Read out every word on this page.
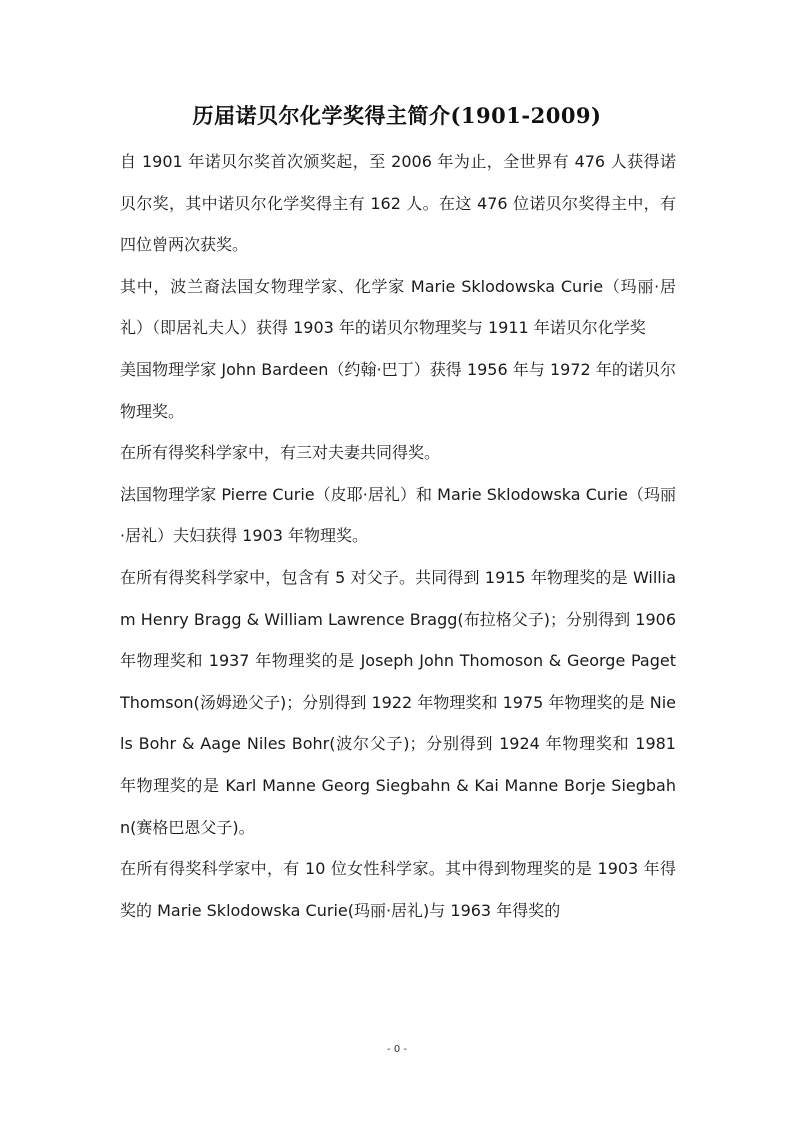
历届诺贝尔化学奖得主简介(1901-2009)

自 1901 年诺贝尔奖首次颁奖起，至 2006 年为止，全世界有 476 人获得诺贝尔奖，其中诺贝尔化学奖得主有 162 人。在这 476 位诺贝尔奖得主中，有四位曾两次获奖。

其中，波兰裔法国女物理学家、化学家 Marie Sklodowska Curie（玛丽·居礼）（即居礼夫人）获得 1903 年的诺贝尔物理奖与 1911 年诺贝尔化学奖

美国物理学家 John Bardeen（约翰·巴丁）获得 1956 年与 1972 年的诺贝尔物理奖。

在所有得奖科学家中，有三对夫妻共同得奖。

法国物理学家 Pierre Curie（皮耶·居礼）和 Marie Sklodowska Curie（玛丽·居礼）夫妇获得 1903 年物理奖。

在所有得奖科学家中，包含有 5 对父子。共同得到 1915 年物理奖的是 William Henry Bragg & William Lawrence Bragg(布拉格父子)；分别得到 1906 年物理奖和 1937 年物理奖的是 Joseph John Thomoson & George Paget Thomson(汤姆逊父子)；分别得到 1922 年物理奖和 1975 年物理奖的是 Niels Bohr & Aage Niles Bohr(波尔父子)；分别得到 1924 年物理奖和 1981 年物理奖的是 Karl Manne Georg Siegbahn & Kai Manne Borje Siegbahn(赛格巴恩父子)。

在所有得奖科学家中，有 10 位女性科学家。其中得到物理奖的是 1903 年得奖的 Marie Sklodowska Curie(玛丽·居礼)与 1963 年得奖的

- 0 -
